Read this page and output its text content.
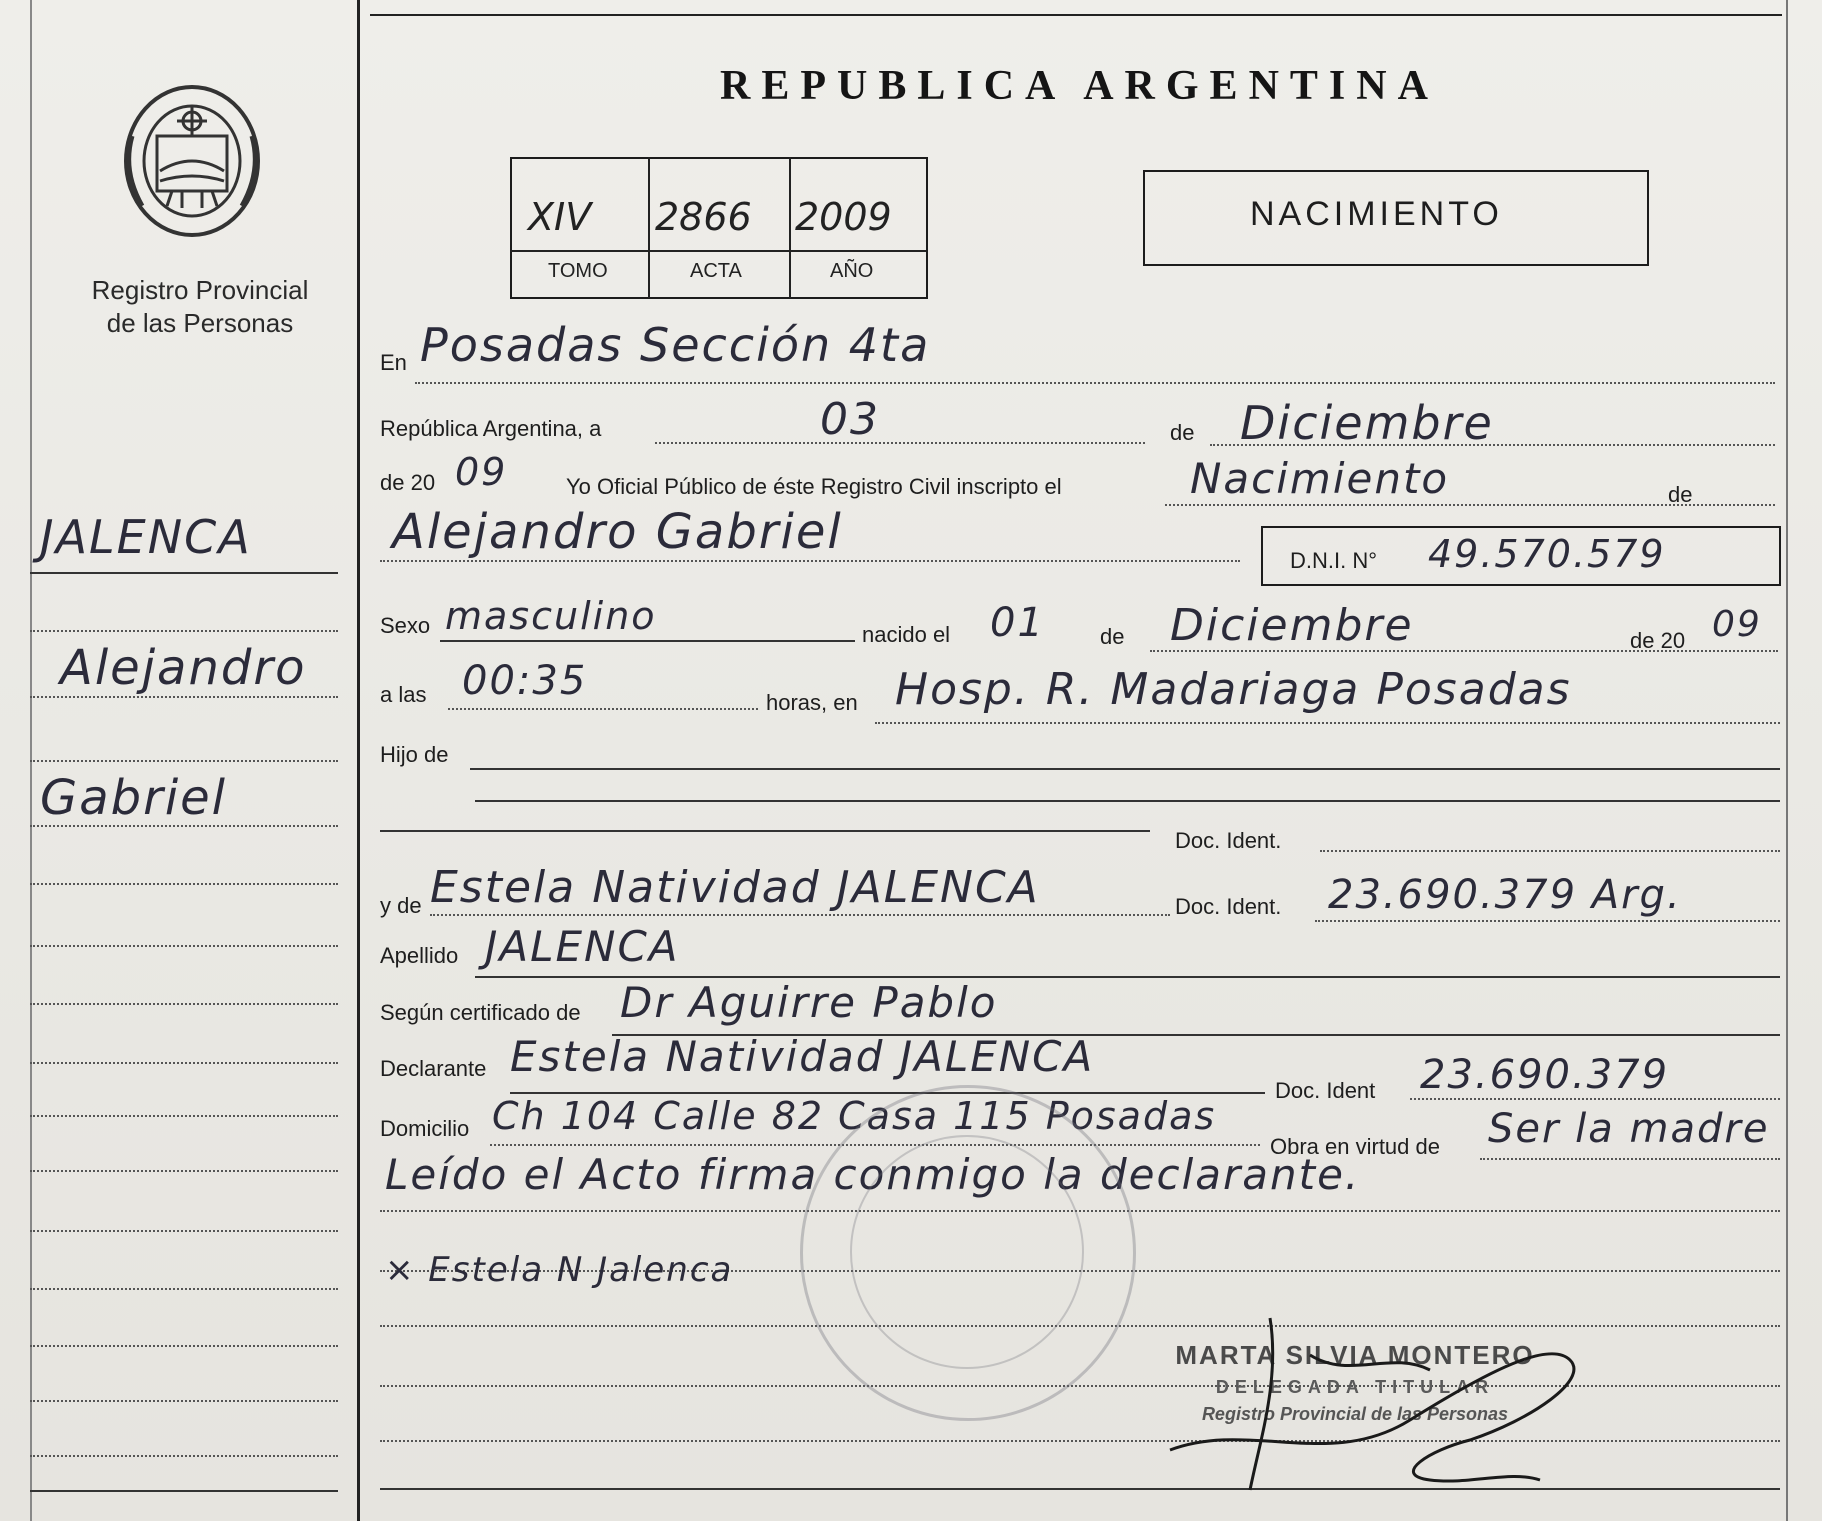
Registro Provincial
de las Personas
JALENCA
Alejandro
Gabriel
REPUBLICA ARGENTINA
XIV 2866 2009
TOMO	ACTA	AÑO
NACIMIENTO
En Posadas Sección 4ta
República Argentina, a	03	de Diciembre
de 20 09	Yo Oficial Público de éste Registro Civil inscripto el	Nacimiento	de
Alejandro Gabriel
D.N.I. N° 49.570.579
Sexo masculino	nacido el 01	de Diciembre	de 20 09
a las 00:35	horas, en Hosp. R. Madariaga Posadas
Hijo de
Doc. Ident.
y de Estela Natividad JALENCA	Doc. Ident. 23.690.379 Arg.
Apellido JALENCA
Según certificado de Dr Aguirre Pablo
Declarante Estela Natividad JALENCA
Doc. Ident 23.690.379
Domicilio Ch 104 Calle 82 Casa 115 Posadas
Obra en virtud de Ser la madre
Leído el Acto firma conmigo la declarante.
× Estela N Jalenca
MARTA SILVIA MONTERO
DELEGADA TITULAR
Registro Provincial de las Personas
